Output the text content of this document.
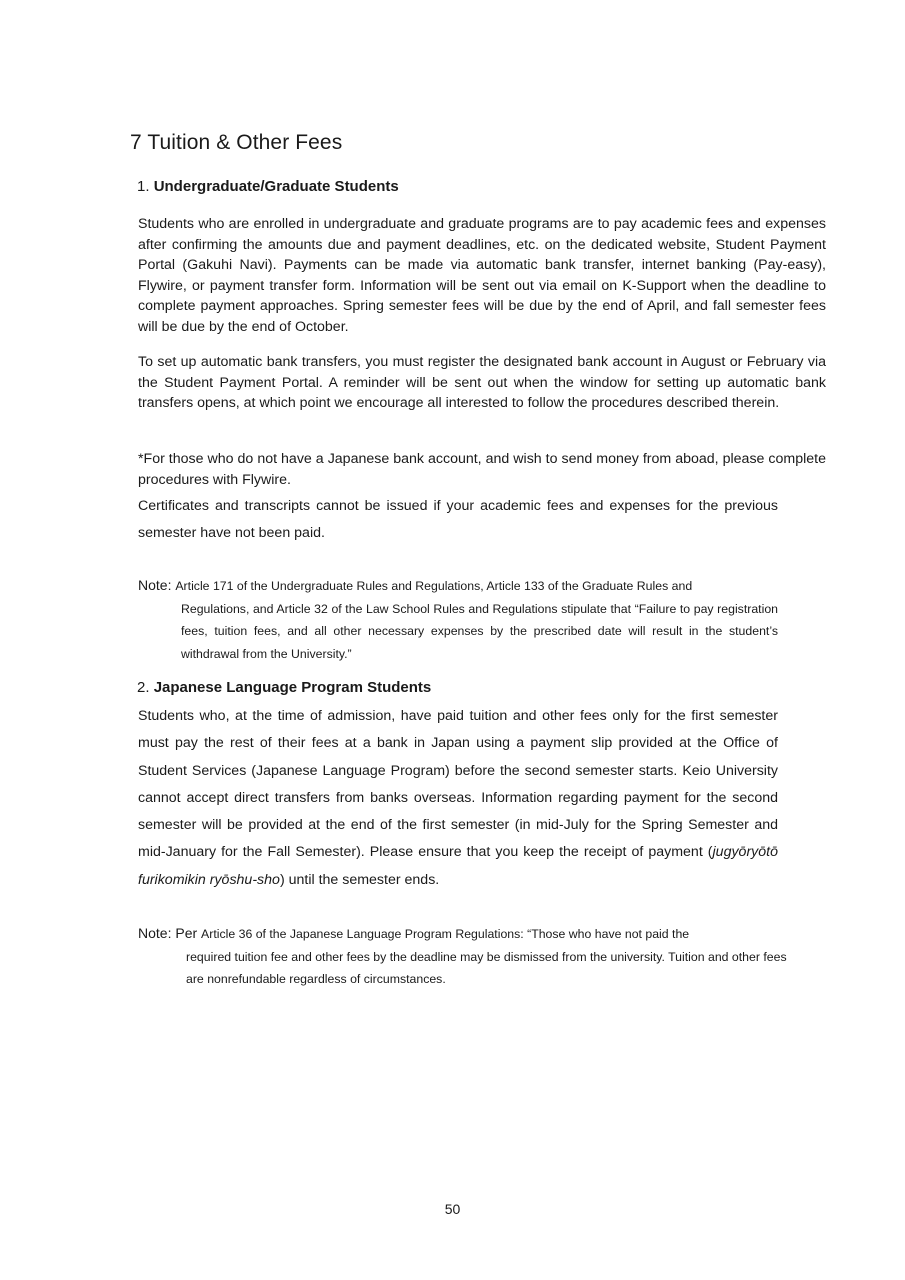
7 Tuition & Other Fees
1. Undergraduate/Graduate Students

Students who are enrolled in undergraduate and graduate programs are to pay academic fees and expenses after confirming the amounts due and payment deadlines, etc. on the dedicated website, Student Payment Portal (Gakuhi Navi). Payments can be made via automatic bank transfer, internet banking (Pay-easy), Flywire, or payment transfer form. Information will be sent out via email on K-Support when the deadline to complete payment approaches. Spring semester fees will be due by the end of April, and fall semester fees will be due by the end of October.

To set up automatic bank transfers, you must register the designated bank account in August or February via the Student Payment Portal. A reminder will be sent out when the window for setting up automatic bank transfers opens, at which point we encourage all interested to follow the procedures described therein.

*For those who do not have a Japanese bank account, and wish to send money from aboad, please complete procedures with Flywire.

Certificates and transcripts cannot be issued if your academic fees and expenses for the previous semester have not been paid.

Note: Article 171 of the Undergraduate Rules and Regulations, Article 133 of the Graduate Rules and
Regulations, and Article 32 of the Law School Rules and Regulations stipulate that “Failure to pay registration fees, tuition fees, and all other necessary expenses by the prescribed date will result in the student’s withdrawal from the University.”
2. Japanese Language Program Students

Students who, at the time of admission, have paid tuition and other fees only for the first semester must pay the rest of their fees at a bank in Japan using a payment slip provided at the Office of Student Services (Japanese Language Program) before the second semester starts. Keio University cannot accept direct transfers from banks overseas. Information regarding payment for the second semester will be provided at the end of the first semester (in mid-July for the Spring Semester and mid-January for the Fall Semester). Please ensure that you keep the receipt of payment (jugyōryōtō furikomikin ryōshu-sho) until the semester ends.

Note: Per Article 36 of the Japanese Language Program Regulations: “Those who have not paid the
required tuition fee and other fees by the deadline may be dismissed from the university. Tuition and other fees are nonrefundable regardless of circumstances.
50
